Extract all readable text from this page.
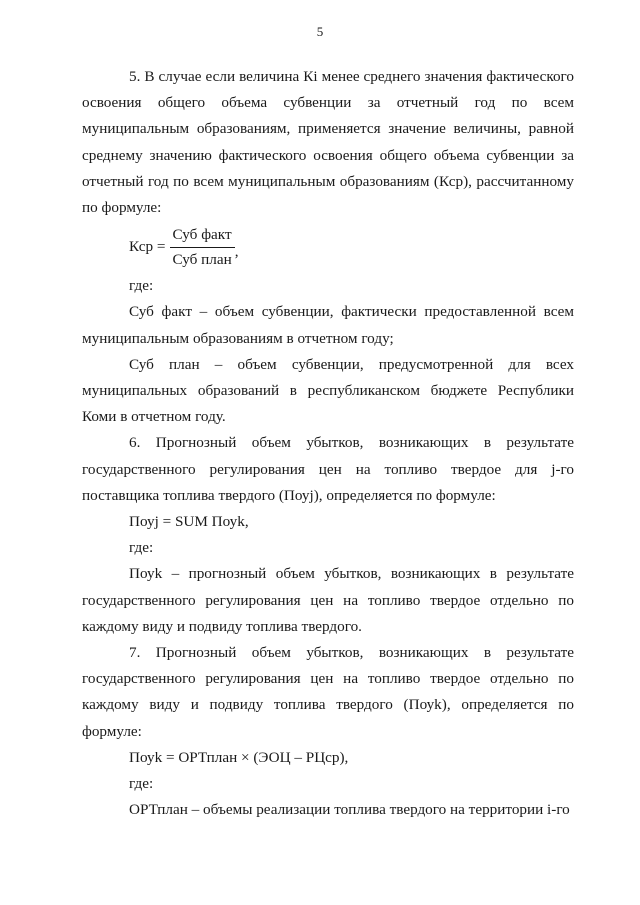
5

5. В случае если величина Кi менее среднего значения фактического освоения общего объема субвенции за отчетный год по всем муниципальным образованиям, применяется значение величины, равной среднему значению фактического освоения общего объема субвенции за отчетный год по всем муниципальным образованиям (Кср), рассчитанному по формуле:

Кср = $\frac{\text{Суб факт}}{\text{Суб план}}$ ,

где:

Суб факт – объем субвенции, фактически предоставленной всем муниципальным образованиям в отчетном году;

Суб план – объем субвенции, предусмотренной для всех муниципальных образований в республиканском бюджете Республики Коми в отчетном году.

6. Прогнозный объем убытков, возникающих в результате государственного регулирования цен на топливо твердое для j-го поставщика топлива твердого (Поуj), определяется по формуле:

Поуj = SUM Поуk,

где:

Поуk – прогнозный объем убытков, возникающих в результате государственного регулирования цен на топливо твердое отдельно по каждому виду и подвиду топлива твердого.

7. Прогнозный объем убытков, возникающих в результате государственного регулирования цен на топливо твердое отдельно по каждому виду и подвиду топлива твердого (Поуk), определяется по формуле:

Поуk = ОРТплан × (ЭОЦ – РЦср),

где:

ОРТплан – объемы реализации топлива твердого на территории i-го
